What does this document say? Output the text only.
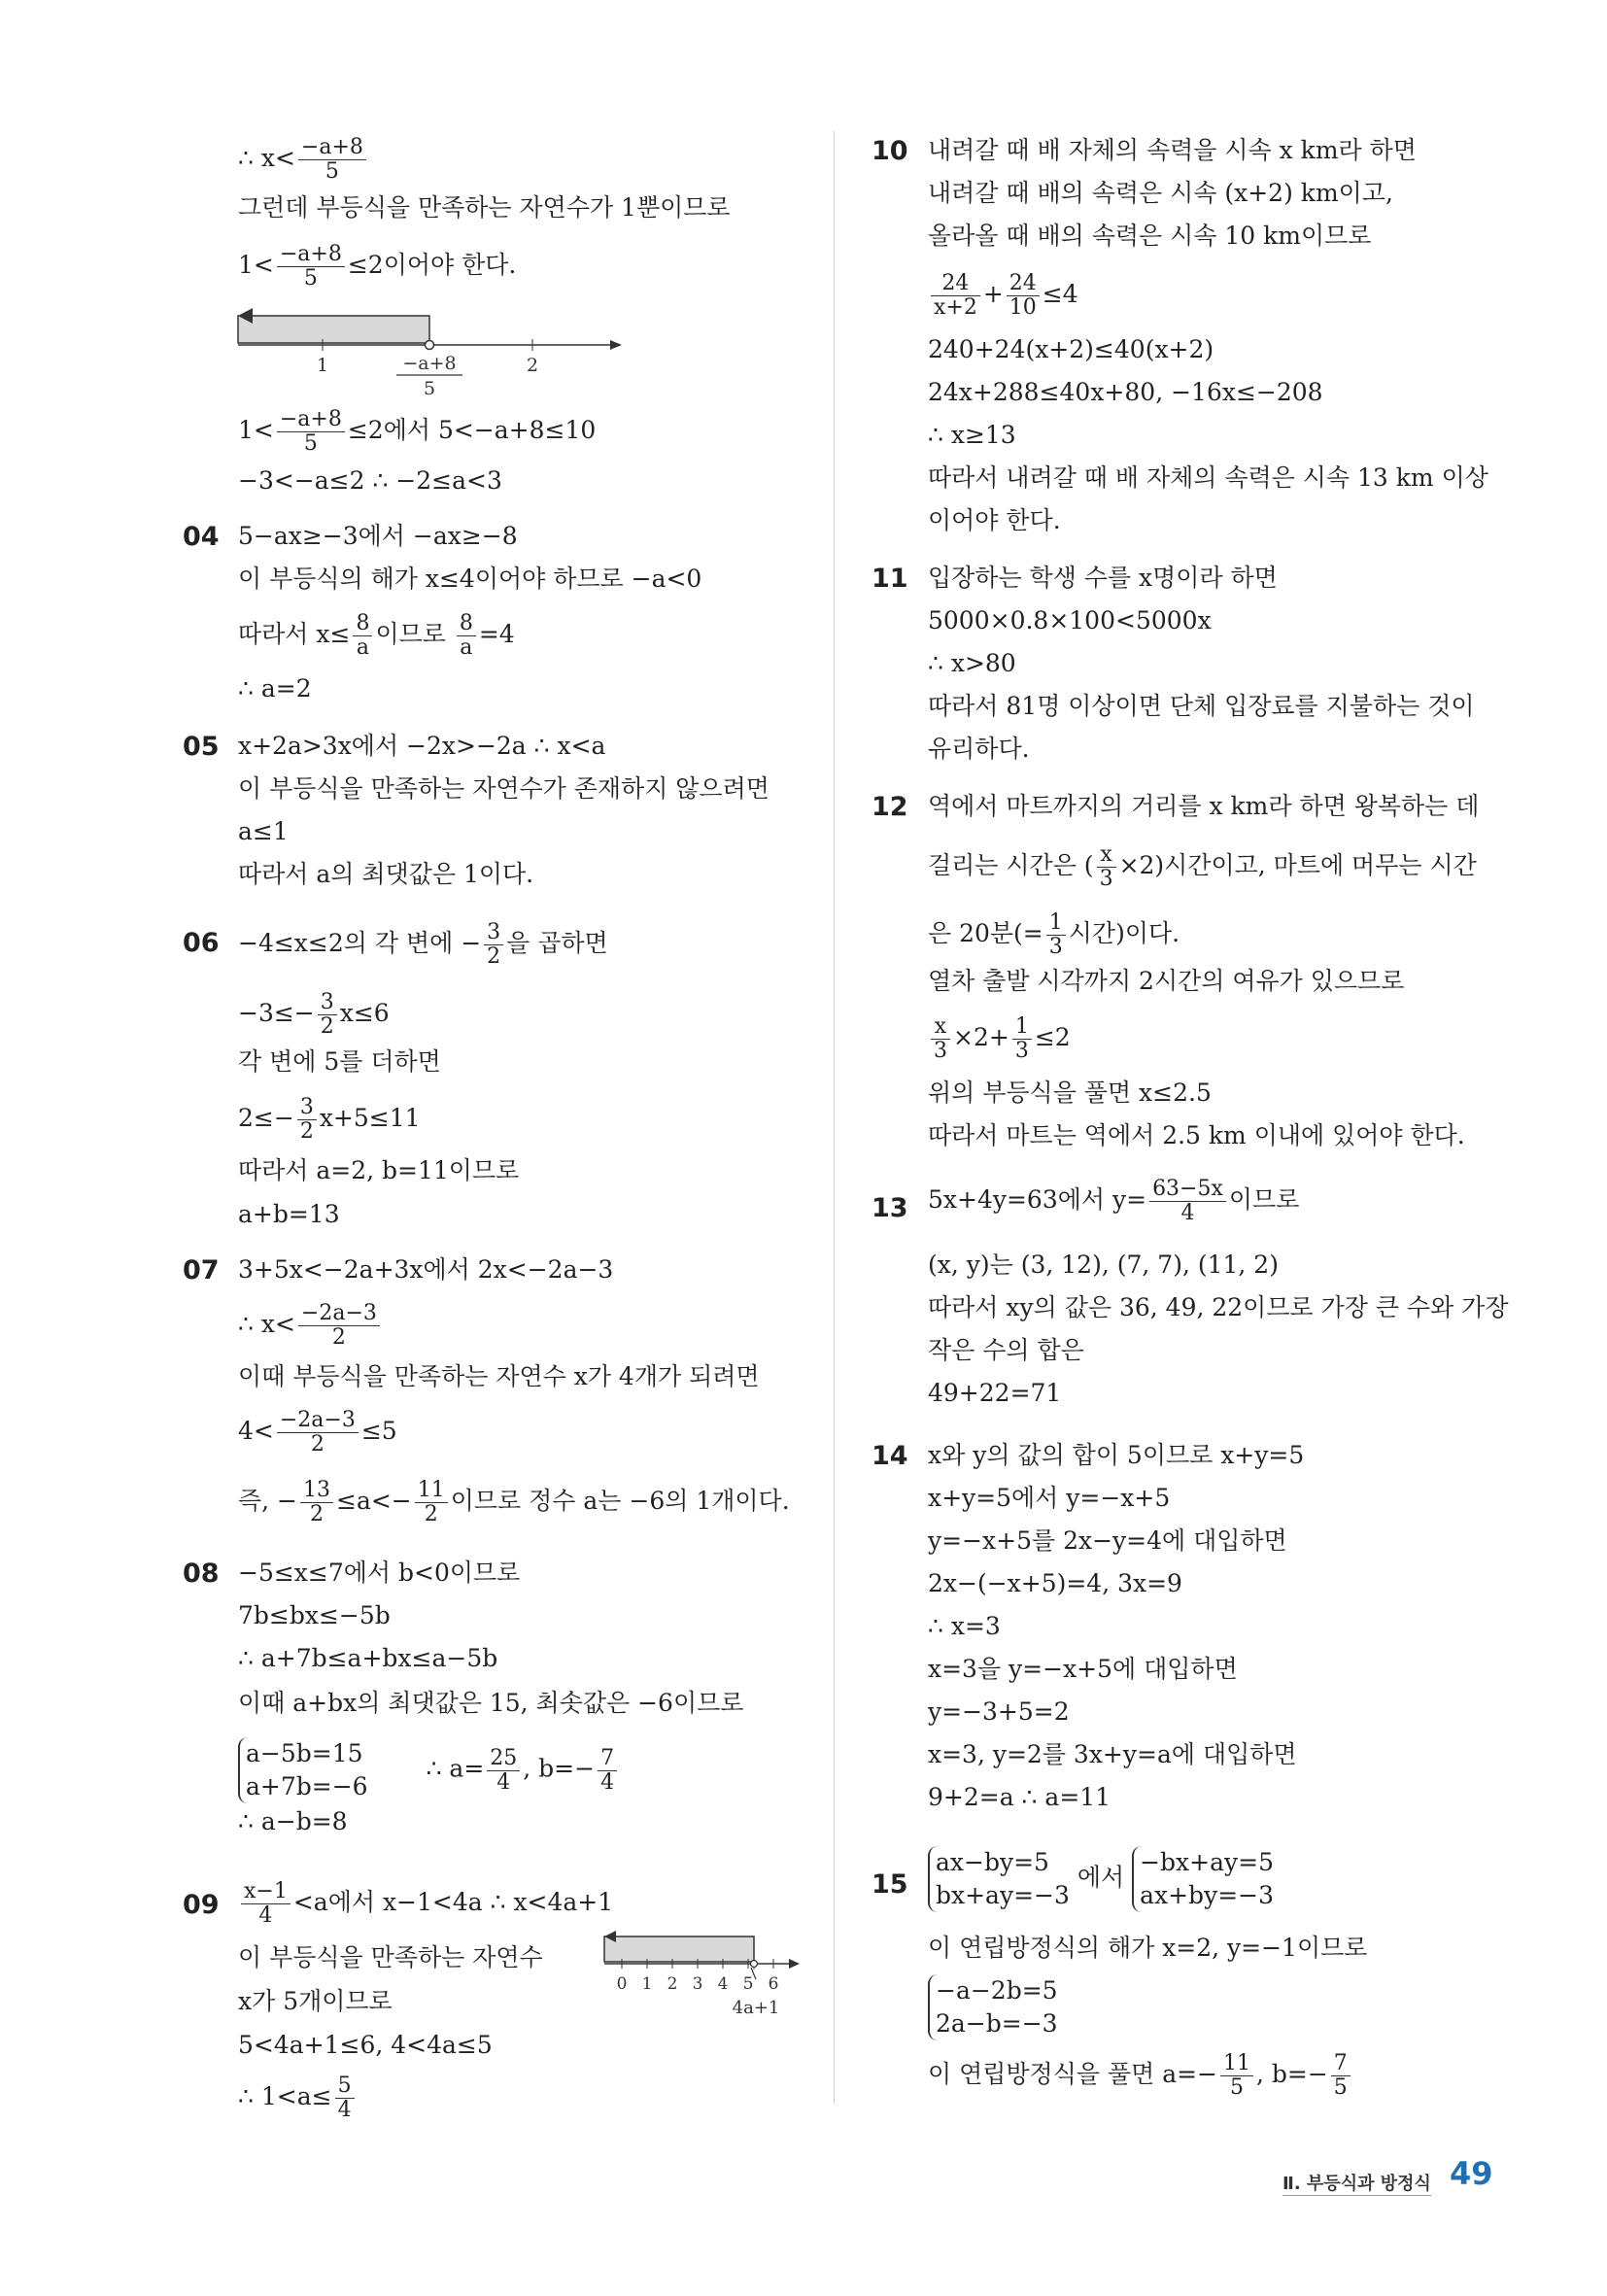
∴ $x< \frac{-a+8}{5}$
그런데 부등식을 만족하는 자연수가 1뿐이므로
$1< \frac{-a+8}{5} \le 2$이어야 한다.
1	2
−a+8
5
$1< \frac{-a+8}{5} \le 2$에서 5<−a+8≤10
−3<−a≤2 ∴ −2≤a<3
04 5−ax≥−3에서 −ax≥−8
이 부등식의 해가 x≤4이어야 하므로 −a<0
따라서 $x\le \frac{8}{a}$ 이므로 $\frac{8}{a} =4$
∴ a=2
05 x+2a>3x에서 −2x>−2a ∴ x<a
이 부등식을 만족하는 자연수가 존재하지 않으려면
a≤1
따라서 a의 최댓값은 1이다.
06 −4≤x≤2의 각 변에 − $\frac{3}{2}$ 을 곱하면
$-3\le- \frac{3}{2} x\le 6$
각 변에 5를 더하면
$2\le- \frac{3}{2} x+5\le 11$
따라서 a=2, b=11이므로
a+b=13
07 3+5x<−2a+3x에서 2x<−2a−3
∴ $x< \frac{-2a-3}{2}$
이때 부등식을 만족하는 자연수 x가 4개가 되려면
$4< \frac{-2a-3}{2} \le 5$
즉, − $\frac{13}{2} \le a<- \frac{11}{2}$ 이므로 정수 a는 −6의 1개이다.
08 −5≤x≤7에서 b<0이므로
7b≤bx≤−5b
∴ a+7b≤a+bx≤a−5b
이때 a+bx의 최댓값은 15, 최솟값은 −6이므로
a−5b=15
a+7b=−6∴ $a= \frac{25}{4}$ , $b=- \frac{7}{4}$
∴ a−b=8
$09 \frac{x-1}{4} <a$에서 x−1<4a ∴ x<4a+1
이 부등식을 만족하는 자연수
x가 5개이므로
5<4a+1≤6, 4<4a≤5
∴ $1<a\le \frac{5}{4}$
0 1 2 3 4 5 6
4a+1
10 내려갈 때 배 자체의 속력을 시속 x km라 하면
내려갈 때 배의 속력은 시속 (x+2) km이고,
올라올 때 배의 속력은 시속 10 km이므로
$\frac{24}{x+2} + \frac{24}{10} \le 4$
240+24(x+2)≤40(x+2)
24x+288≤40x+80, −16x≤−208
∴ x≥13
따라서 내려갈 때 배 자체의 속력은 시속 13 km 이상
이어야 한다.
11 입장하는 학생 수를 x명이라 하면
5000×0.8×100<5000x
∴ x>80
따라서 81명 이상이면 단체 입장료를 지불하는 것이
유리하다.
12 역에서 마트까지의 거리를 x km라 하면 왕복하는 데
걸리는 시간은 ( $\frac{x}{3} \times 2$)시간이고, 마트에 머무는 시간
은 20분(= $\frac{1}{3}$ 시간)이다.
열차 출발 시각까지 2시간의 여유가 있으므로
$\frac{x}{3} \times 2+ \frac{1}{3} \le 2$
위의 부등식을 풀면 x≤2.5
따라서 마트는 역에서 2.5 km 이내에 있어야 한다.
13 5x+4y=63에서 $y= \frac{63-5x}{4}$ 이므로
(x, y)는 (3, 12), (7, 7), (11, 2)
따라서 xy의 값은 36, 49, 22이므로 가장 큰 수와 가장
작은 수의 합은
49+22=71
14 x와 y의 값의 합이 5이므로 x+y=5
x+y=5에서 y=−x+5
y=−x+5를 2x−y=4에 대입하면
2x−(−x+5)=4, 3x=9
∴ x=3
x=3을 y=−x+5에 대입하면
y=−3+5=2
x=3, y=2를 3x+y=a에 대입하면
9+2=a ∴ a=11
15
ax−by=5
bx+ay=−3 에서 −bx+ay=5
ax+by=−3
이 연립방정식의 해가 x=2, y=−1이므로
−a−2b=5
2a−b=−3
이 연립방정식을 풀면 $a=- \frac{11}{5}$ , $b=- \frac{7}{5}$
Ⅱ. 부등식과 방정식 49
